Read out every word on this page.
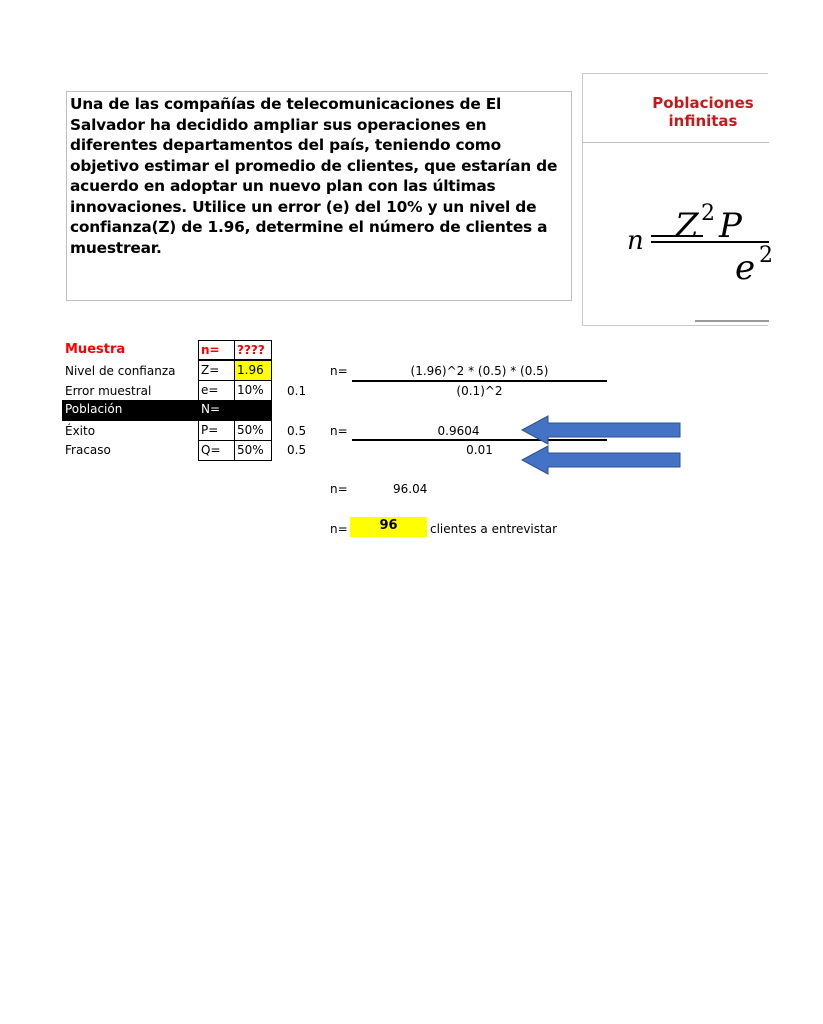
Una de las compañías de telecomunicaciones de El Salvador ha decidido ampliar sus operaciones en diferentes departamentos del país, teniendo como objetivo estimar el promedio de clientes, que estarían de acuerdo en adoptar un nuevo plan con las últimas innovaciones. Utilice un error (e) del 10% y un nivel de confianza(Z) de 1.96, determine el número de clientes a muestrear.
Poblaciones
infinitas
n Z 2 P
e 2
Muestra	n=	????
Nivel de confianza Z=	1.96
Error muestral	e=	10%	0.1
Población	N=
Éxito	P=	50%	0.5
Fracaso	Q=	50%	0.5
n=	(1.96)^2 * (0.5) * (0.5)
(0.1)^2
n=	0.9604
0.01
n=	96.04
n=	96	clientes a entrevistar
